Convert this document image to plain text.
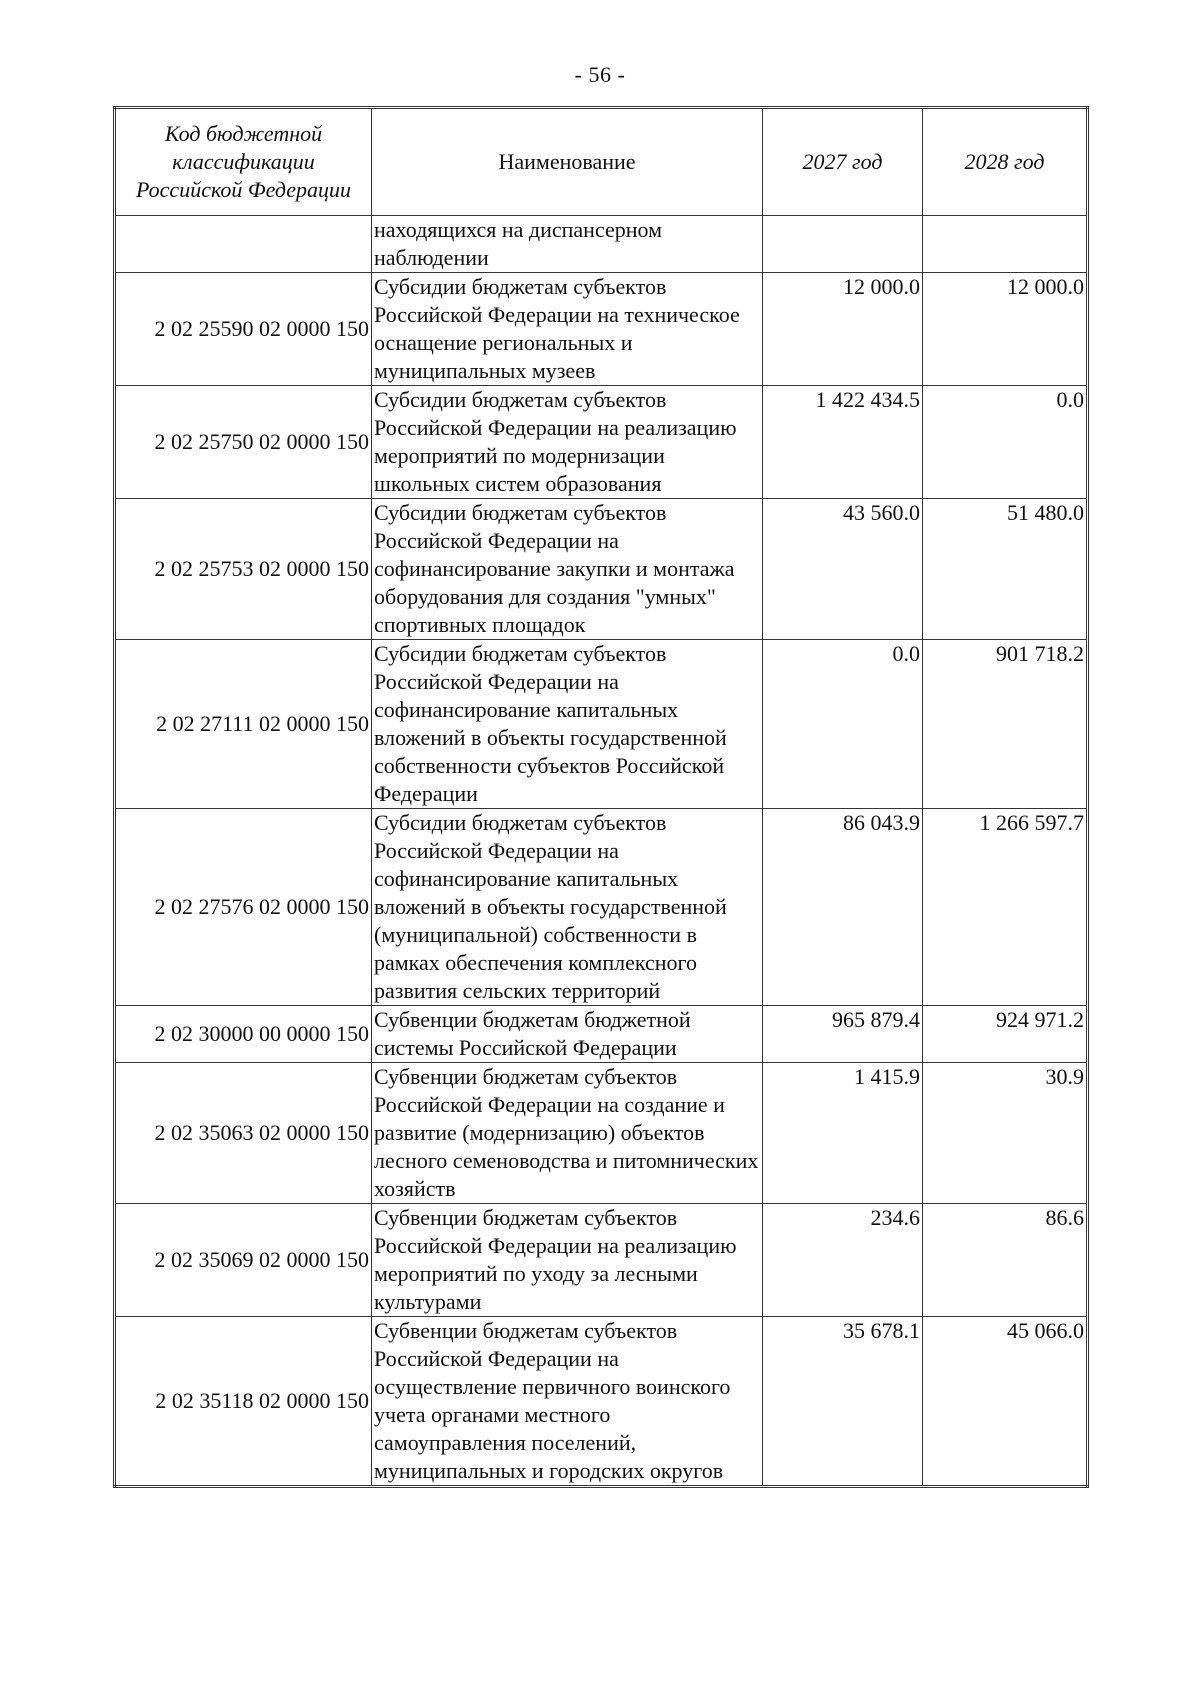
- 56 -
Код бюджетной классификации Российской Федерации	Наименование	2027 год	2028 год
	находящихся на диспансерном наблюдении		
2 02 25590 02 0000 150	Субсидии бюджетам субъектов Российской Федерации на техническое оснащение региональных и муниципальных музеев	12 000.0	12 000.0
2 02 25750 02 0000 150	Субсидии бюджетам субъектов Российской Федерации на реализацию мероприятий по модернизации школьных систем образования	1 422 434.5	0.0
2 02 25753 02 0000 150	Субсидии бюджетам субъектов Российской Федерации на софинансирование закупки и монтажа оборудования для создания "умных" спортивных площадок	43 560.0	51 480.0
2 02 27111 02 0000 150	Субсидии бюджетам субъектов Российской Федерации на софинансирование капитальных вложений в объекты государственной собственности субъектов Российской Федерации	0.0	901 718.2
2 02 27576 02 0000 150	Субсидии бюджетам субъектов Российской Федерации на софинансирование капитальных вложений в объекты государственной (муниципальной) собственности в рамках обеспечения комплексного развития сельских территорий	86 043.9	1 266 597.7
2 02 30000 00 0000 150	Субвенции бюджетам бюджетной системы Российской Федерации	965 879.4	924 971.2
2 02 35063 02 0000 150	Субвенции бюджетам субъектов Российской Федерации на создание и развитие (модернизацию) объектов лесного семеноводства и питомнических хозяйств	1 415.9	30.9
2 02 35069 02 0000 150	Субвенции бюджетам субъектов Российской Федерации на реализацию мероприятий по уходу за лесными культурами	234.6	86.6
2 02 35118 02 0000 150	Субвенции бюджетам субъектов Российской Федерации на осуществление первичного воинского учета органами местного самоуправления поселений, муниципальных и городских округов	35 678.1	45 066.0
